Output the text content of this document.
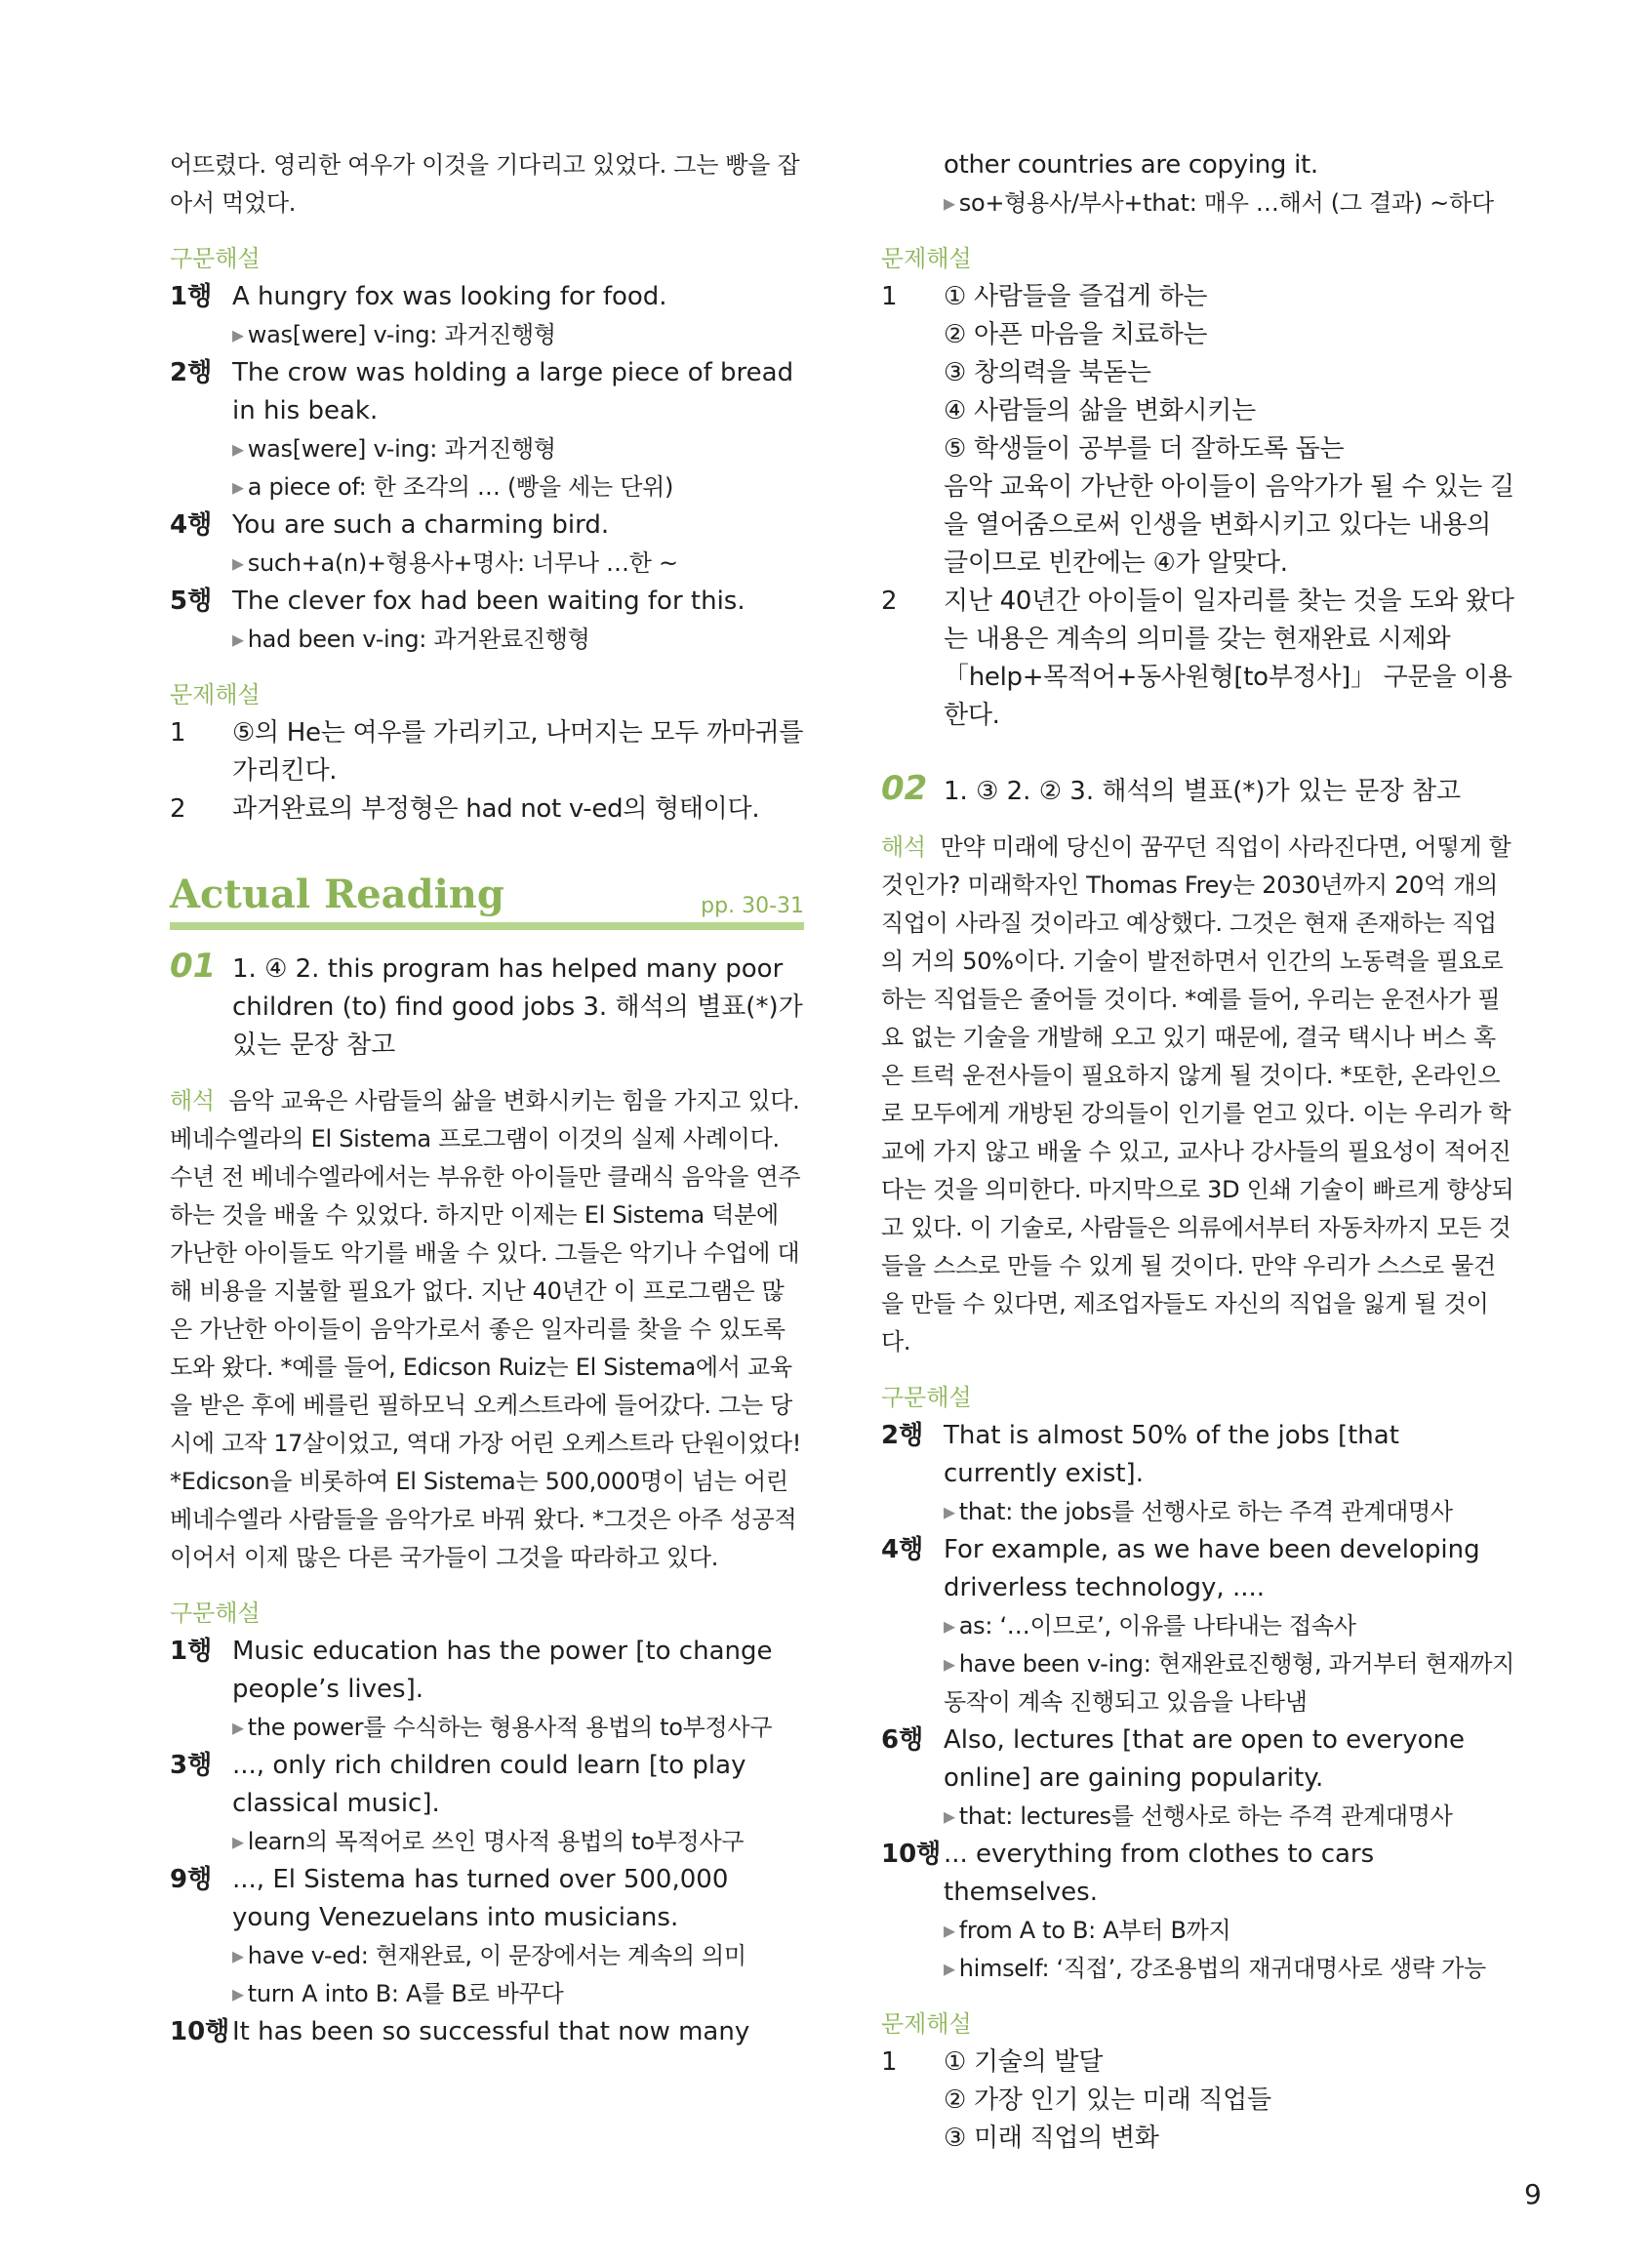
어뜨렸다. 영리한 여우가 이것을 기다리고 있었다. 그는 빵을 잡아서 먹었다.

구문해설
1행 A hungry fox was looking for food.
▸ was[were] v-ing: 과거진행형
2행 The crow was holding a large piece of bread in his beak.
▸ was[were] v-ing: 과거진행형
▸ a piece of: 한 조각의 … (빵을 세는 단위)
4행 You are such a charming bird.
▸ such+a(n)+형용사+명사: 너무나 …한 ~
5행 The clever fox had been waiting for this.
▸ had been v-ing: 과거완료진행형
문제해설
1	⑤의 He는 여우를 가리키고, 나머지는 모두 까마귀를 가리킨다.
2	과거완료의 부정형은 had not v-ed의 형태이다.
Actual Reading	pp. 30-31
01 1. ④ 2. this program has helped many poor children (to) find good jobs 3. 해석의 별표(*)가 있는 문장 참고

해석 음악 교육은 사람들의 삶을 변화시키는 힘을 가지고 있다. 베네수엘라의 El Sistema 프로그램이 이것의 실제 사례이다. 수년 전 베네수엘라에서는 부유한 아이들만 클래식 음악을 연주하는 것을 배울 수 있었다. 하지만 이제는 El Sistema 덕분에 가난한 아이들도 악기를 배울 수 있다. 그들은 악기나 수업에 대해 비용을 지불할 필요가 없다. 지난 40년간 이 프로그램은 많은 가난한 아이들이 음악가로서 좋은 일자리를 찾을 수 있도록 도와 왔다. *예를 들어, Edicson Ruiz는 El Sistema에서 교육을 받은 후에 베를린 필하모닉 오케스트라에 들어갔다. 그는 당시에 고작 17살이었고, 역대 가장 어린 오케스트라 단원이었다! *Edicson을 비롯하여 El Sistema는 500,000명이 넘는 어린 베네수엘라 사람들을 음악가로 바꿔 왔다. *그것은 아주 성공적이어서 이제 많은 다른 국가들이 그것을 따라하고 있다.

구문해설
1행 Music education has the power [to change people’s lives].
▸ the power를 수식하는 형용사적 용법의 to부정사구
3행 ..., only rich children could learn [to play classical music].
▸ learn의 목적어로 쓰인 명사적 용법의 to부정사구
9행 ..., El Sistema has turned over 500,000 young Venezuelans into musicians.
▸ have v-ed: 현재완료, 이 문장에서는 계속의 의미
▸ turn A into B: A를 B로 바꾸다
10행 It has been so successful that now many
other countries are copying it.
▸ so+형용사/부사+that: 매우 …해서 (그 결과) ~하다
문제해설
1	① 사람들을 즐겁게 하는
② 아픈 마음을 치료하는
③ 창의력을 북돋는
④ 사람들의 삶을 변화시키는
⑤ 학생들이 공부를 더 잘하도록 돕는
음악 교육이 가난한 아이들이 음악가가 될 수 있는 길을 열어줌으로써 인생을 변화시키고 있다는 내용의 글이므로 빈칸에는 ④가 알맞다.
2	지난 40년간 아이들이 일자리를 찾는 것을 도와 왔다는 내용은 계속의 의미를 갖는 현재완료 시제와 「help+목적어+동사원형[to부정사]」 구문을 이용한다.
02 1. ③ 2. ② 3. 해석의 별표(*)가 있는 문장 참고

해석 만약 미래에 당신이 꿈꾸던 직업이 사라진다면, 어떻게 할 것인가? 미래학자인 Thomas Frey는 2030년까지 20억 개의 직업이 사라질 것이라고 예상했다. 그것은 현재 존재하는 직업의 거의 50%이다. 기술이 발전하면서 인간의 노동력을 필요로 하는 직업들은 줄어들 것이다. *예를 들어, 우리는 운전사가 필요 없는 기술을 개발해 오고 있기 때문에, 결국 택시나 버스 혹은 트럭 운전사들이 필요하지 않게 될 것이다. *또한, 온라인으로 모두에게 개방된 강의들이 인기를 얻고 있다. 이는 우리가 학교에 가지 않고 배울 수 있고, 교사나 강사들의 필요성이 적어진다는 것을 의미한다. 마지막으로 3D 인쇄 기술이 빠르게 향상되고 있다. 이 기술로, 사람들은 의류에서부터 자동차까지 모든 것들을 스스로 만들 수 있게 될 것이다. 만약 우리가 스스로 물건을 만들 수 있다면, 제조업자들도 자신의 직업을 잃게 될 것이다.

구문해설
2행 That is almost 50% of the jobs [that currently exist].
▸ that: the jobs를 선행사로 하는 주격 관계대명사
4행 For example, as we have been developing driverless technology, ....
▸ as: ‘…이므로’, 이유를 나타내는 접속사
▸ have been v-ing: 현재완료진행형, 과거부터 현재까지 동작이 계속 진행되고 있음을 나타냄
6행 Also, lectures [that are open to everyone online] are gaining popularity.
▸ that: lectures를 선행사로 하는 주격 관계대명사
10행 ... everything from clothes to cars themselves.
▸ from A to B: A부터 B까지
▸ himself: ‘직접’, 강조용법의 재귀대명사로 생략 가능
문제해설
1	① 기술의 발달
② 가장 인기 있는 미래 직업들
③ 미래 직업의 변화
9
